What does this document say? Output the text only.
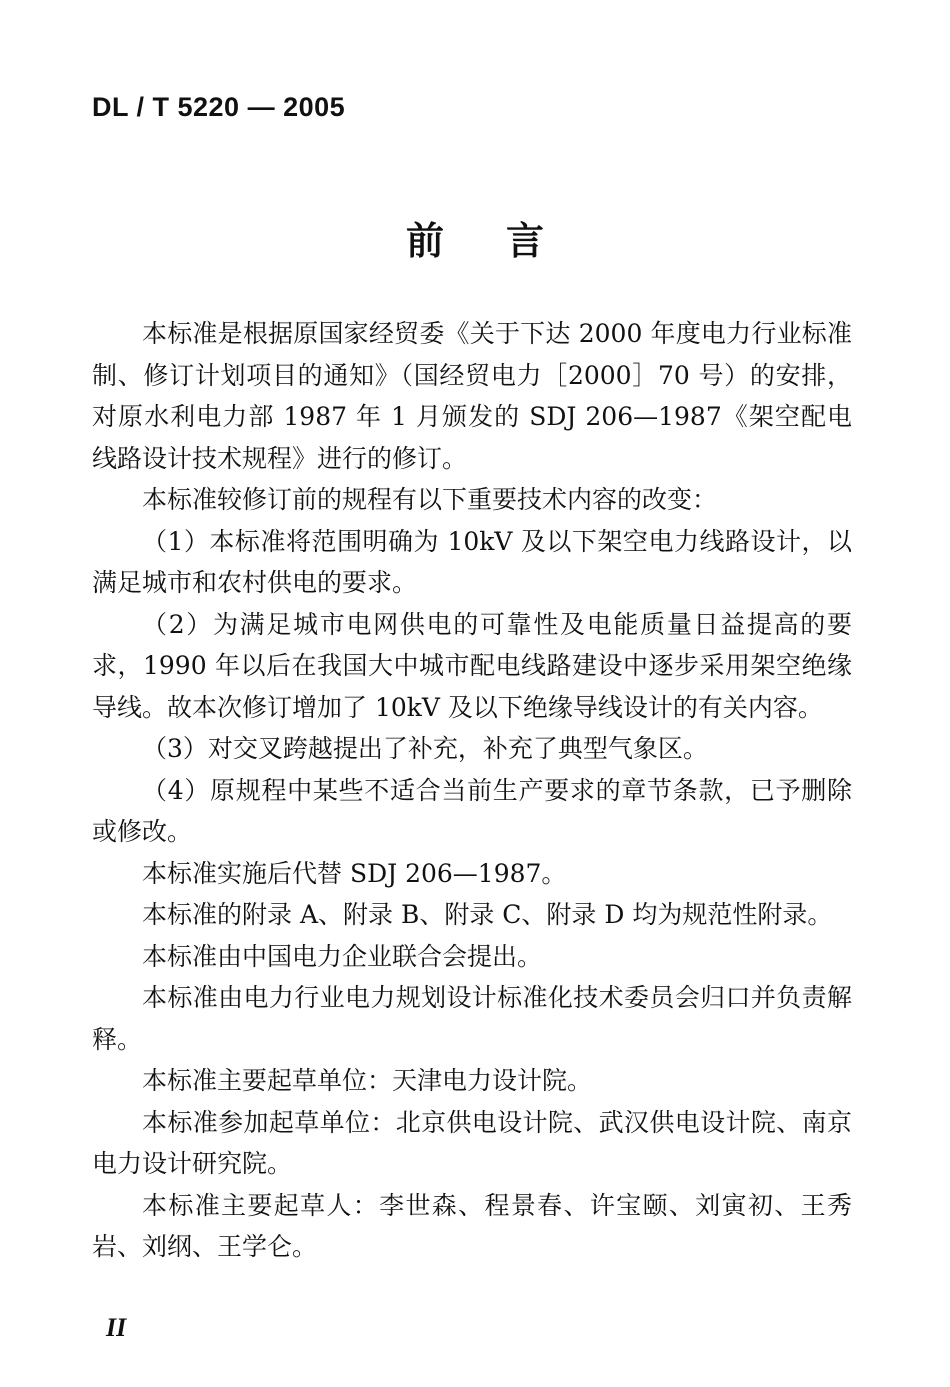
DL / T 5220 — 2005
前言

本标准是根据原国家经贸委《关于下达 2000 年度电力行业标准制、修订计划项目的通知》（国经贸电力［2000］70 号）的安排，对原水利电力部 1987 年 1 月颁发的 SDJ 206—1987《架空配电线路设计技术规程》进行的修订。

本标准较修订前的规程有以下重要技术内容的改变：

（1）本标准将范围明确为 10kV 及以下架空电力线路设计，以满足城市和农村供电的要求。

（2）为满足城市电网供电的可靠性及电能质量日益提高的要求，1990 年以后在我国大中城市配电线路建设中逐步采用架空绝缘导线。故本次修订增加了 10kV 及以下绝缘导线设计的有关内容。

（3）对交叉跨越提出了补充，补充了典型气象区。

（4）原规程中某些不适合当前生产要求的章节条款，已予删除或修改。

本标准实施后代替 SDJ 206—1987。

本标准的附录 A、附录 B、附录 C、附录 D 均为规范性附录。

本标准由中国电力企业联合会提出。

本标准由电力行业电力规划设计标准化技术委员会归口并负责解释。

本标准主要起草单位：天津电力设计院。

本标准参加起草单位：北京供电设计院、武汉供电设计院、南京电力设计研究院。

本标准主要起草人：李世森、程景春、许宝颐、刘寅初、王秀岩、刘纲、王学仑。

II
